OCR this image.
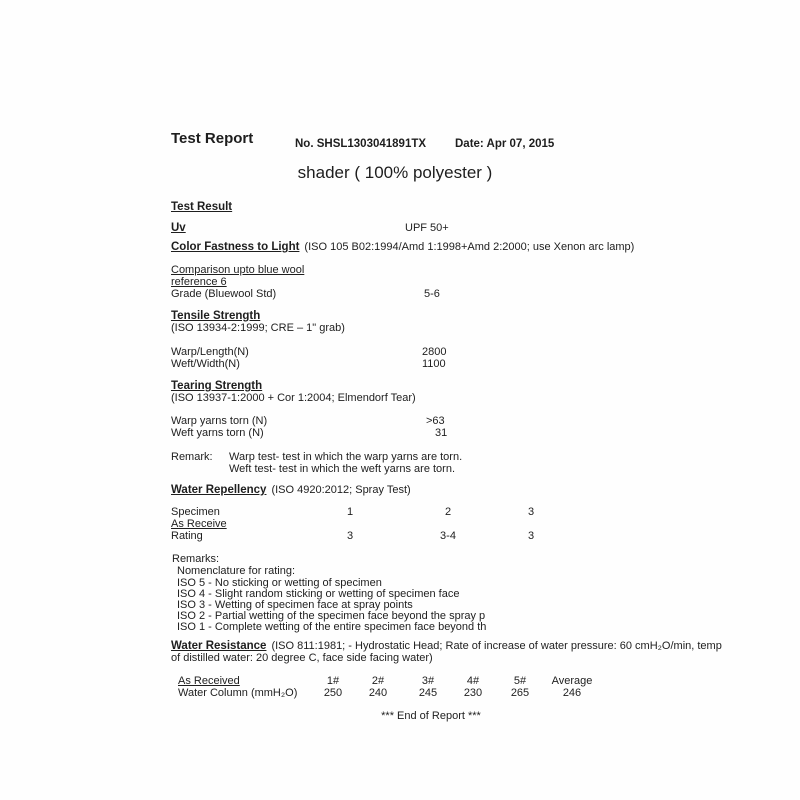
Test Report	No. SHSL1303041891TX	Date: Apr 07, 2015
shader ( 100% polyester )
Test Result
Uv	UPF 50+
Color Fastness to Light (ISO 105 B02:1994/Amd 1:1998+Amd 2:2000; use Xenon arc lamp)
Comparison upto blue wool
reference 6
Grade (Bluewool Std)	5-6
Tensile Strength
(ISO 13934-2:1999; CRE – 1" grab)
Warp/Length(N)	2800
Weft/Width(N)	1100
Tearing Strength
(ISO 13937-1:2000 + Cor 1:2004; Elmendorf Tear)
Warp yarns torn (N)	>63
Weft yarns torn (N)	31
Remark: Warp test- test in which the warp yarns are torn.
Weft test- test in which the weft yarns are torn.
Water Repellency (ISO 4920:2012; Spray Test)
Specimen	1	2	3
As Receive
Rating	3	3-4	3
Remarks:
Nomenclature for rating:
ISO 5 - No sticking or wetting of specimen
ISO 4 - Slight random sticking or wetting of specimen face
ISO 3 - Wetting of specimen face at spray points
ISO 2 - Partial wetting of the specimen face beyond the spray p
ISO 1 - Complete wetting of the entire specimen face beyond th
Water Resistance (ISO 811:1981; - Hydrostatic Head; Rate of increase of water pressure: 60 cmH₂O/min, temp
of distilled water: 20 degree C, face side facing water)
As Received	1#	2#	3#	4#	5#	Average
Water Column (mmH₂O)	250	240	245	230	265	246
*** End of Report ***
